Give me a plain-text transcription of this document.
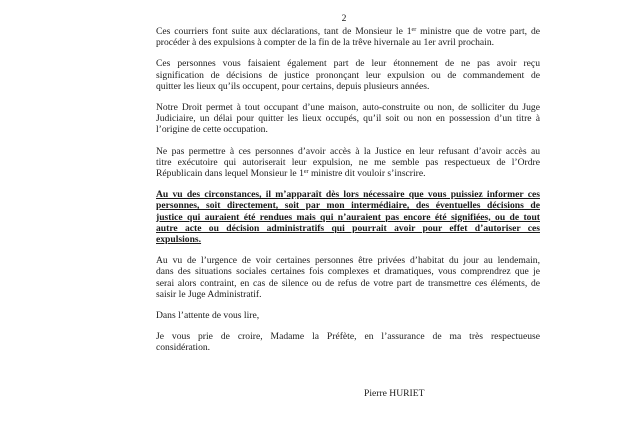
2

Ces courriers font suite aux déclarations, tant de Monsieur le 1er ministre que de votre part, de
procéder à des expulsions à compter de la fin de la trêve hivernale au 1er avril prochain.

Ces personnes vous faisaient également part de leur étonnement de ne pas avoir reçu
signification de décisions de justice prononçant leur expulsion ou de commandement de
quitter les lieux qu’ils occupent, pour certains, depuis plusieurs années.

Notre Droit permet à tout occupant d’une maison, auto-construite ou non, de solliciter du Juge
Judiciaire, un délai pour quitter les lieux occupés, qu’il soit ou non en possession d’un titre à
l’origine de cette occupation.

Ne pas permettre à ces personnes d’avoir accès à la Justice en leur refusant d’avoir accès au
titre exécutoire qui autoriserait leur expulsion, ne me semble pas respectueux de l’Ordre
Républicain dans lequel Monsieur le 1er ministre dit vouloir s’inscrire.

Au vu des circonstances, il m’apparaît dès lors nécessaire que vous puissiez informer ces
personnes, soit directement, soit par mon intermédiaire, des éventuelles décisions de
justice qui auraient été rendues mais qui n’auraient pas encore été signifiées, ou de tout
autre acte ou décision administratifs qui pourrait avoir pour effet d’autoriser ces
expulsions.

Au vu de l’urgence de voir certaines personnes être privées d’habitat du jour au lendemain,
dans des situations sociales certaines fois complexes et dramatiques, vous comprendrez que je
serai alors contraint, en cas de silence ou de refus de votre part de transmettre ces éléments, de
saisir le Juge Administratif.

Dans l’attente de vous lire,

Je vous prie de croire, Madame la Préfète, en l’assurance de ma très respectueuse
considération.

Pierre HURIET
